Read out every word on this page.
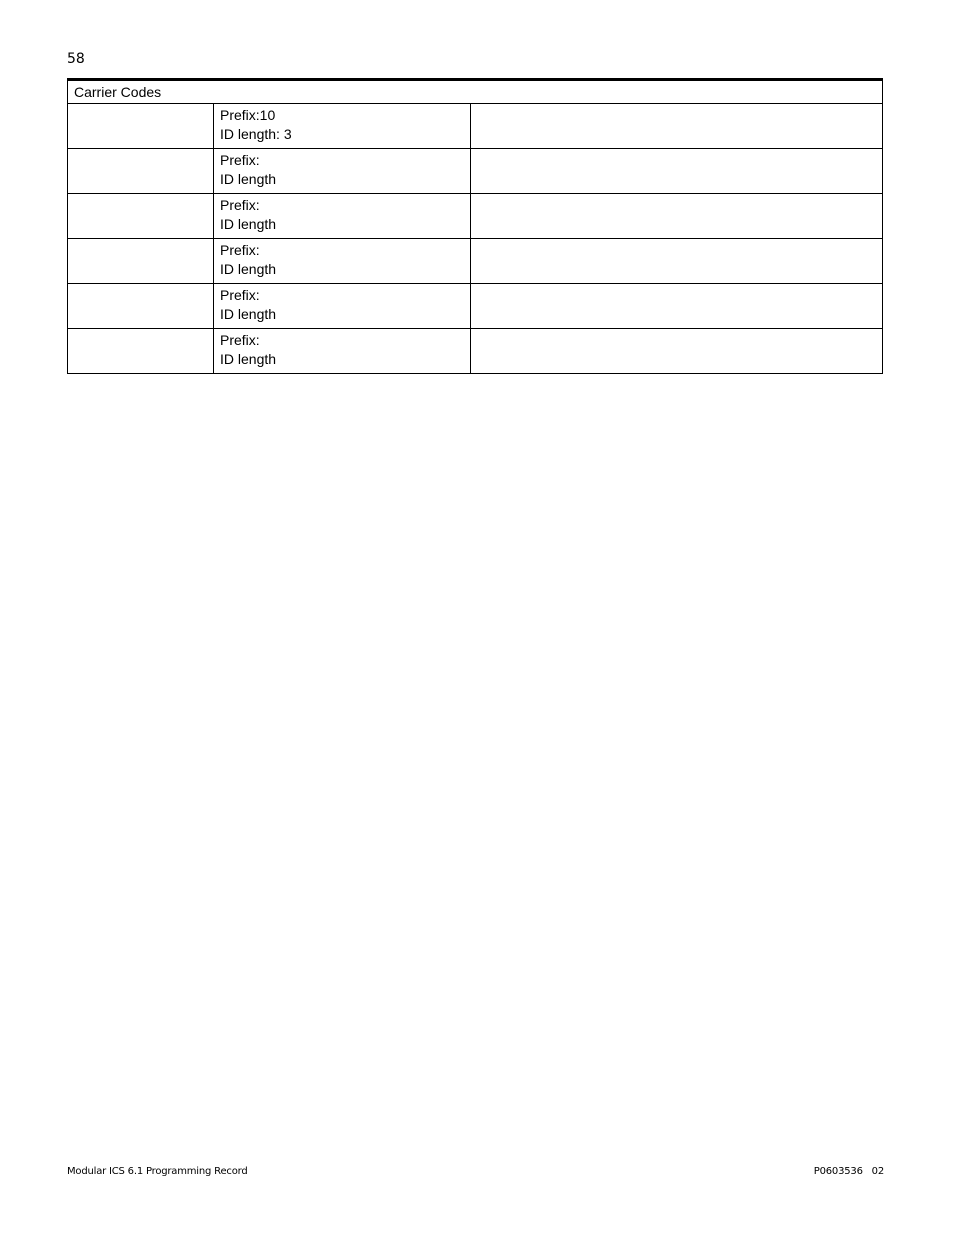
58
Carrier Codes		

	Prefix:10
ID length: 3	

	Prefix:
ID length	

	Prefix:
ID length	

	Prefix:
ID length	

	Prefix:
ID length	

	Prefix:
ID length	

Modular ICS 6.1 Programming Record	P0603536   02
